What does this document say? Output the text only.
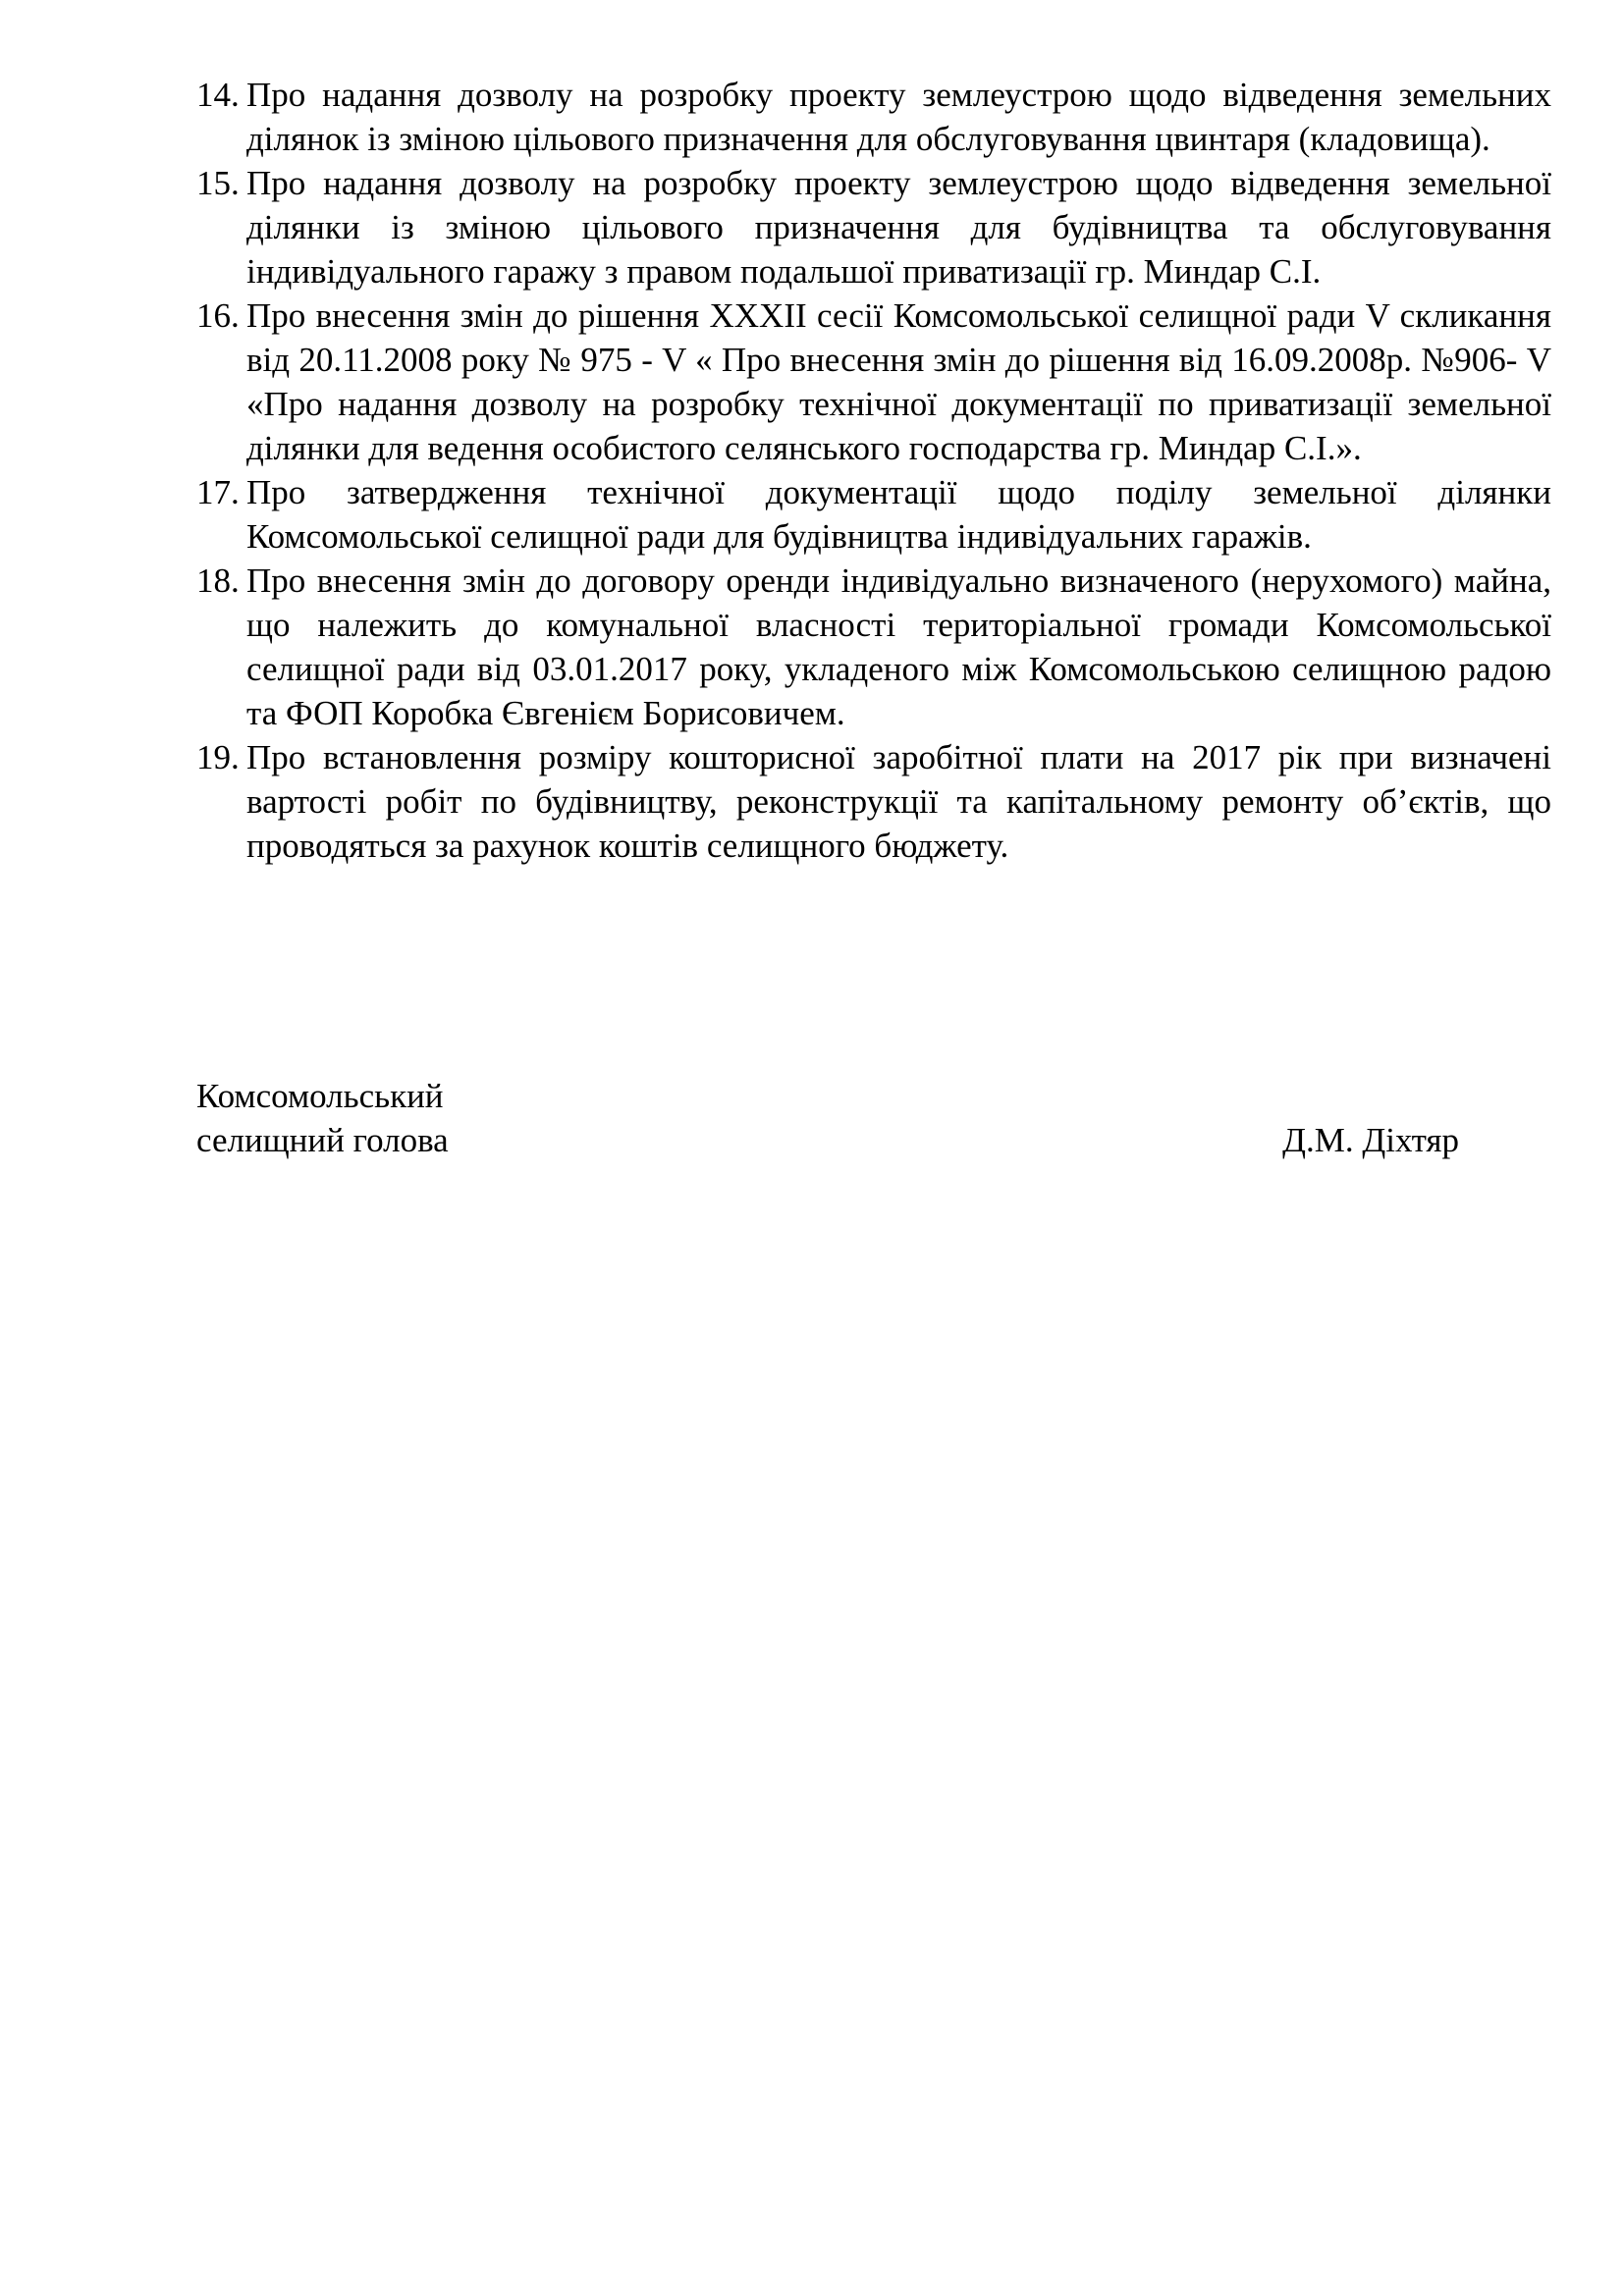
14. Про надання дозволу на розробку проекту землеустрою щодо відведення земельних ділянок із зміною цільового призначення для обслуговування цвинтаря (кладовища).
15. Про надання дозволу на розробку проекту землеустрою щодо відведення земельної ділянки із зміною цільового призначення для будівництва та обслуговування індивідуального гаражу з правом подальшої приватизації гр. Миндар С.І.
16. Про внесення змін до рішення XXXII сесії Комсомольської селищної ради V скликання від 20.11.2008 року № 975 - V « Про внесення змін до рішення від 16.09.2008р. №906- V «Про надання дозволу на розробку технічної документації по приватизації земельної ділянки для ведення особистого селянського господарства гр. Миндар С.І.».
17. Про затвердження технічної документації щодо поділу земельної ділянки Комсомольської селищної ради для будівництва індивідуальних гаражів.
18. Про внесення змін до договору оренди індивідуально визначеного (нерухомого) майна, що належить до комунальної власності територіальної громади Комсомольської селищної ради від 03.01.2017 року, укладеного між Комсомольською селищною радою та ФОП Коробка Євгенієм Борисовичем.
19. Про встановлення розміру кошторисної заробітної плати на 2017 рік при визначені вартості робіт по будівництву, реконструкції та капітальному ремонту об’єктів, що проводяться за рахунок коштів селищного бюджету.
Комсомольський
селищний голова	Д.М. Діхтяр
